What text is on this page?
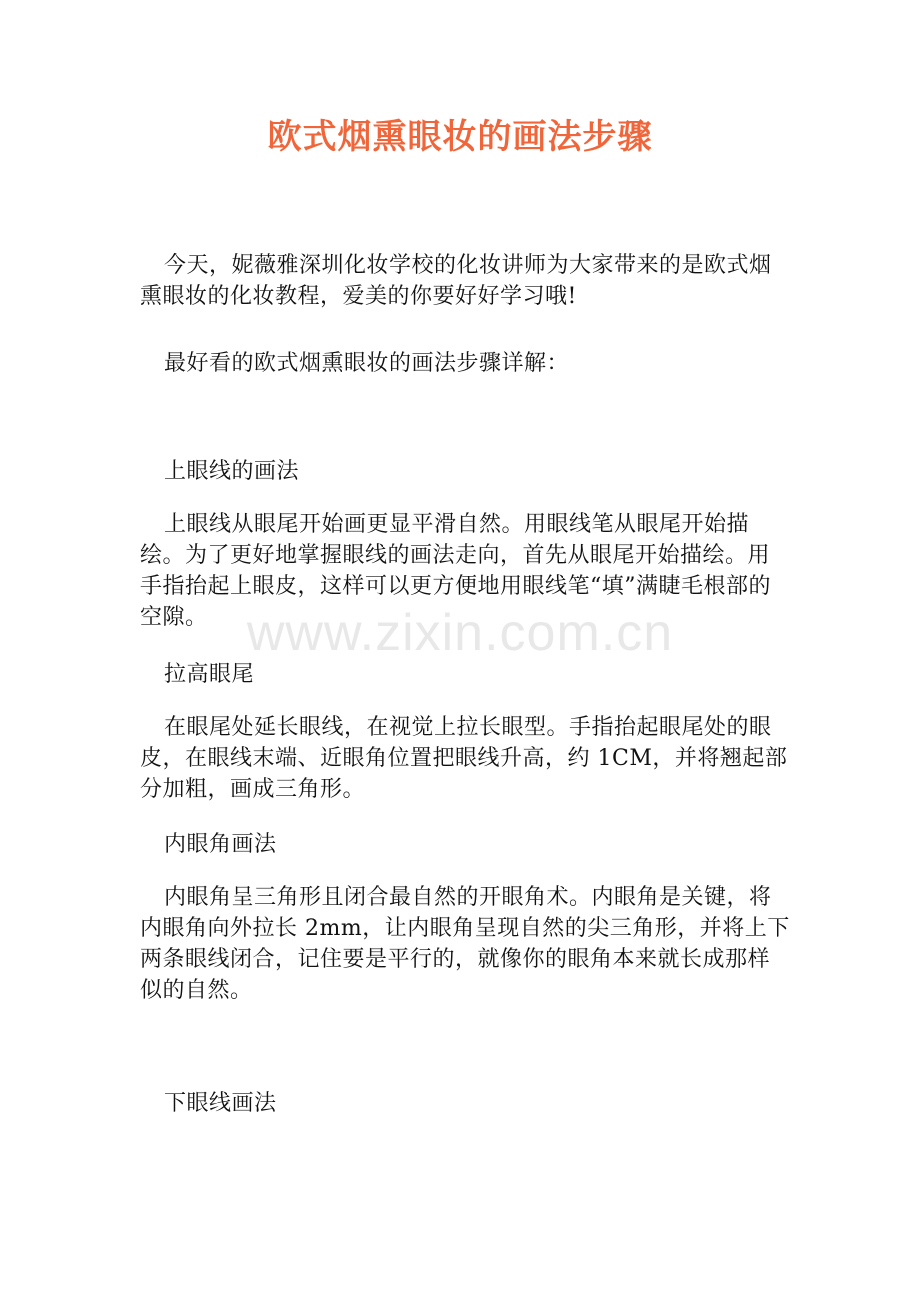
欧式烟熏眼妆的画法步骤

今天，妮薇雅深圳化妆学校的化妆讲师为大家带来的是欧式烟熏眼妆的化妆教程，爱美的你要好好学习哦!

最好看的欧式烟熏眼妆的画法步骤详解：

上眼线的画法

上眼线从眼尾开始画更显平滑自然。用眼线笔从眼尾开始描绘。为了更好地掌握眼线的画法走向，首先从眼尾开始描绘。用手指抬起上眼皮，这样可以更方便地用眼线笔“填”满睫毛根部的空隙。

拉高眼尾

在眼尾处延长眼线，在视觉上拉长眼型。手指抬起眼尾处的眼皮，在眼线末端、近眼角位置把眼线升高，约 1CM，并将翘起部分加粗，画成三角形。

内眼角画法

内眼角呈三角形且闭合最自然的开眼角术。内眼角是关键，将内眼角向外拉长 2mm，让内眼角呈现自然的尖三角形，并将上下两条眼线闭合，记住要是平行的，就像你的眼角本来就长成那样似的自然。

下眼线画法

www.zixin.com.cn
